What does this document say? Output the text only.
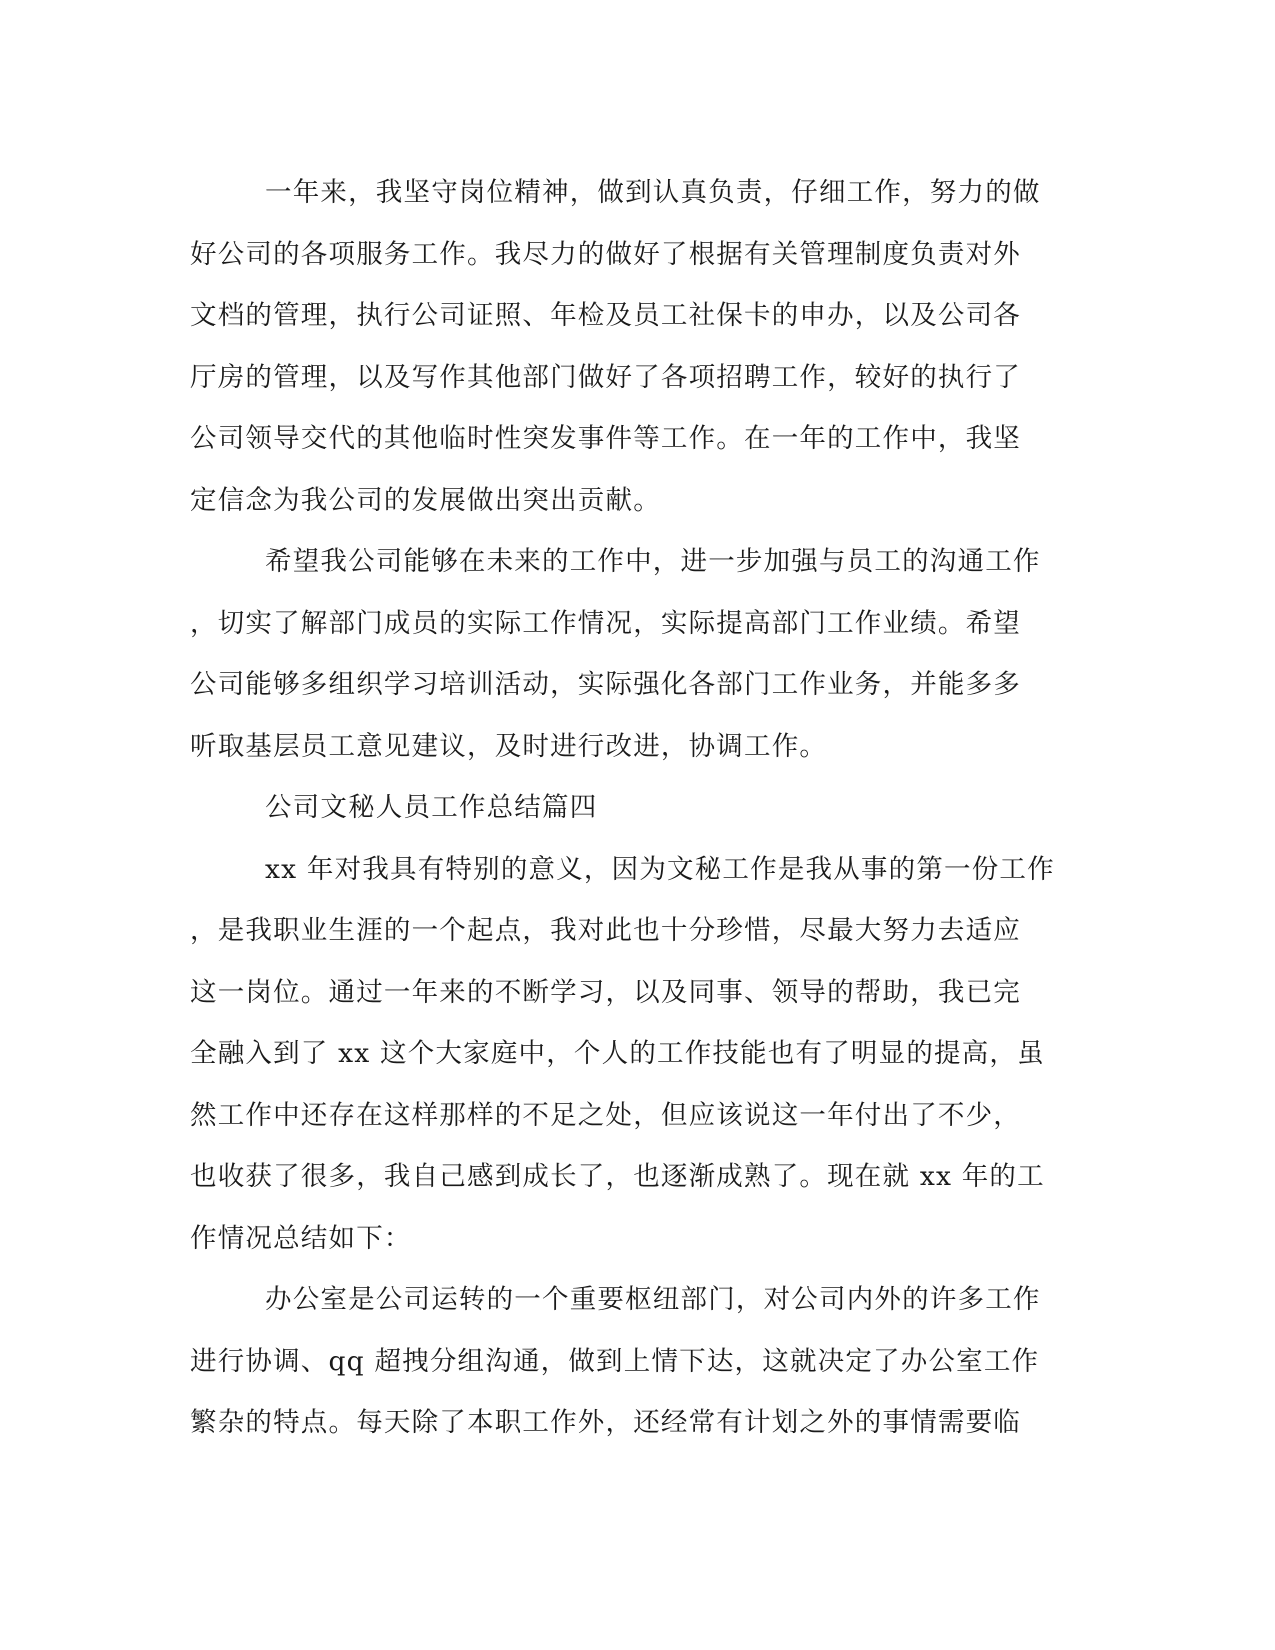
一年来，我坚守岗位精神，做到认真负责，仔细工作，努力的做
好公司的各项服务工作。我尽力的做好了根据有关管理制度负责对外
文档的管理，执行公司证照、年检及员工社保卡的申办，以及公司各
厅房的管理，以及写作其他部门做好了各项招聘工作，较好的执行了
公司领导交代的其他临时性突发事件等工作。在一年的工作中，我坚
定信念为我公司的发展做出突出贡献。
希望我公司能够在未来的工作中，进一步加强与员工的沟通工作
，切实了解部门成员的实际工作情况，实际提高部门工作业绩。希望
公司能够多组织学习培训活动，实际强化各部门工作业务，并能多多
听取基层员工意见建议，及时进行改进，协调工作。
公司文秘人员工作总结篇四
xx 年对我具有特别的意义，因为文秘工作是我从事的第一份工作
，是我职业生涯的一个起点，我对此也十分珍惜，尽最大努力去适应
这一岗位。通过一年来的不断学习，以及同事、领导的帮助，我已完
全融入到了 xx 这个大家庭中，个人的工作技能也有了明显的提高，虽
然工作中还存在这样那样的不足之处，但应该说这一年付出了不少，
也收获了很多，我自己感到成长了，也逐渐成熟了。现在就 xx 年的工
作情况总结如下：
办公室是公司运转的一个重要枢纽部门，对公司内外的许多工作
进行协调、qq 超拽分组沟通，做到上情下达，这就决定了办公室工作
繁杂的特点。每天除了本职工作外，还经常有计划之外的事情需要临
